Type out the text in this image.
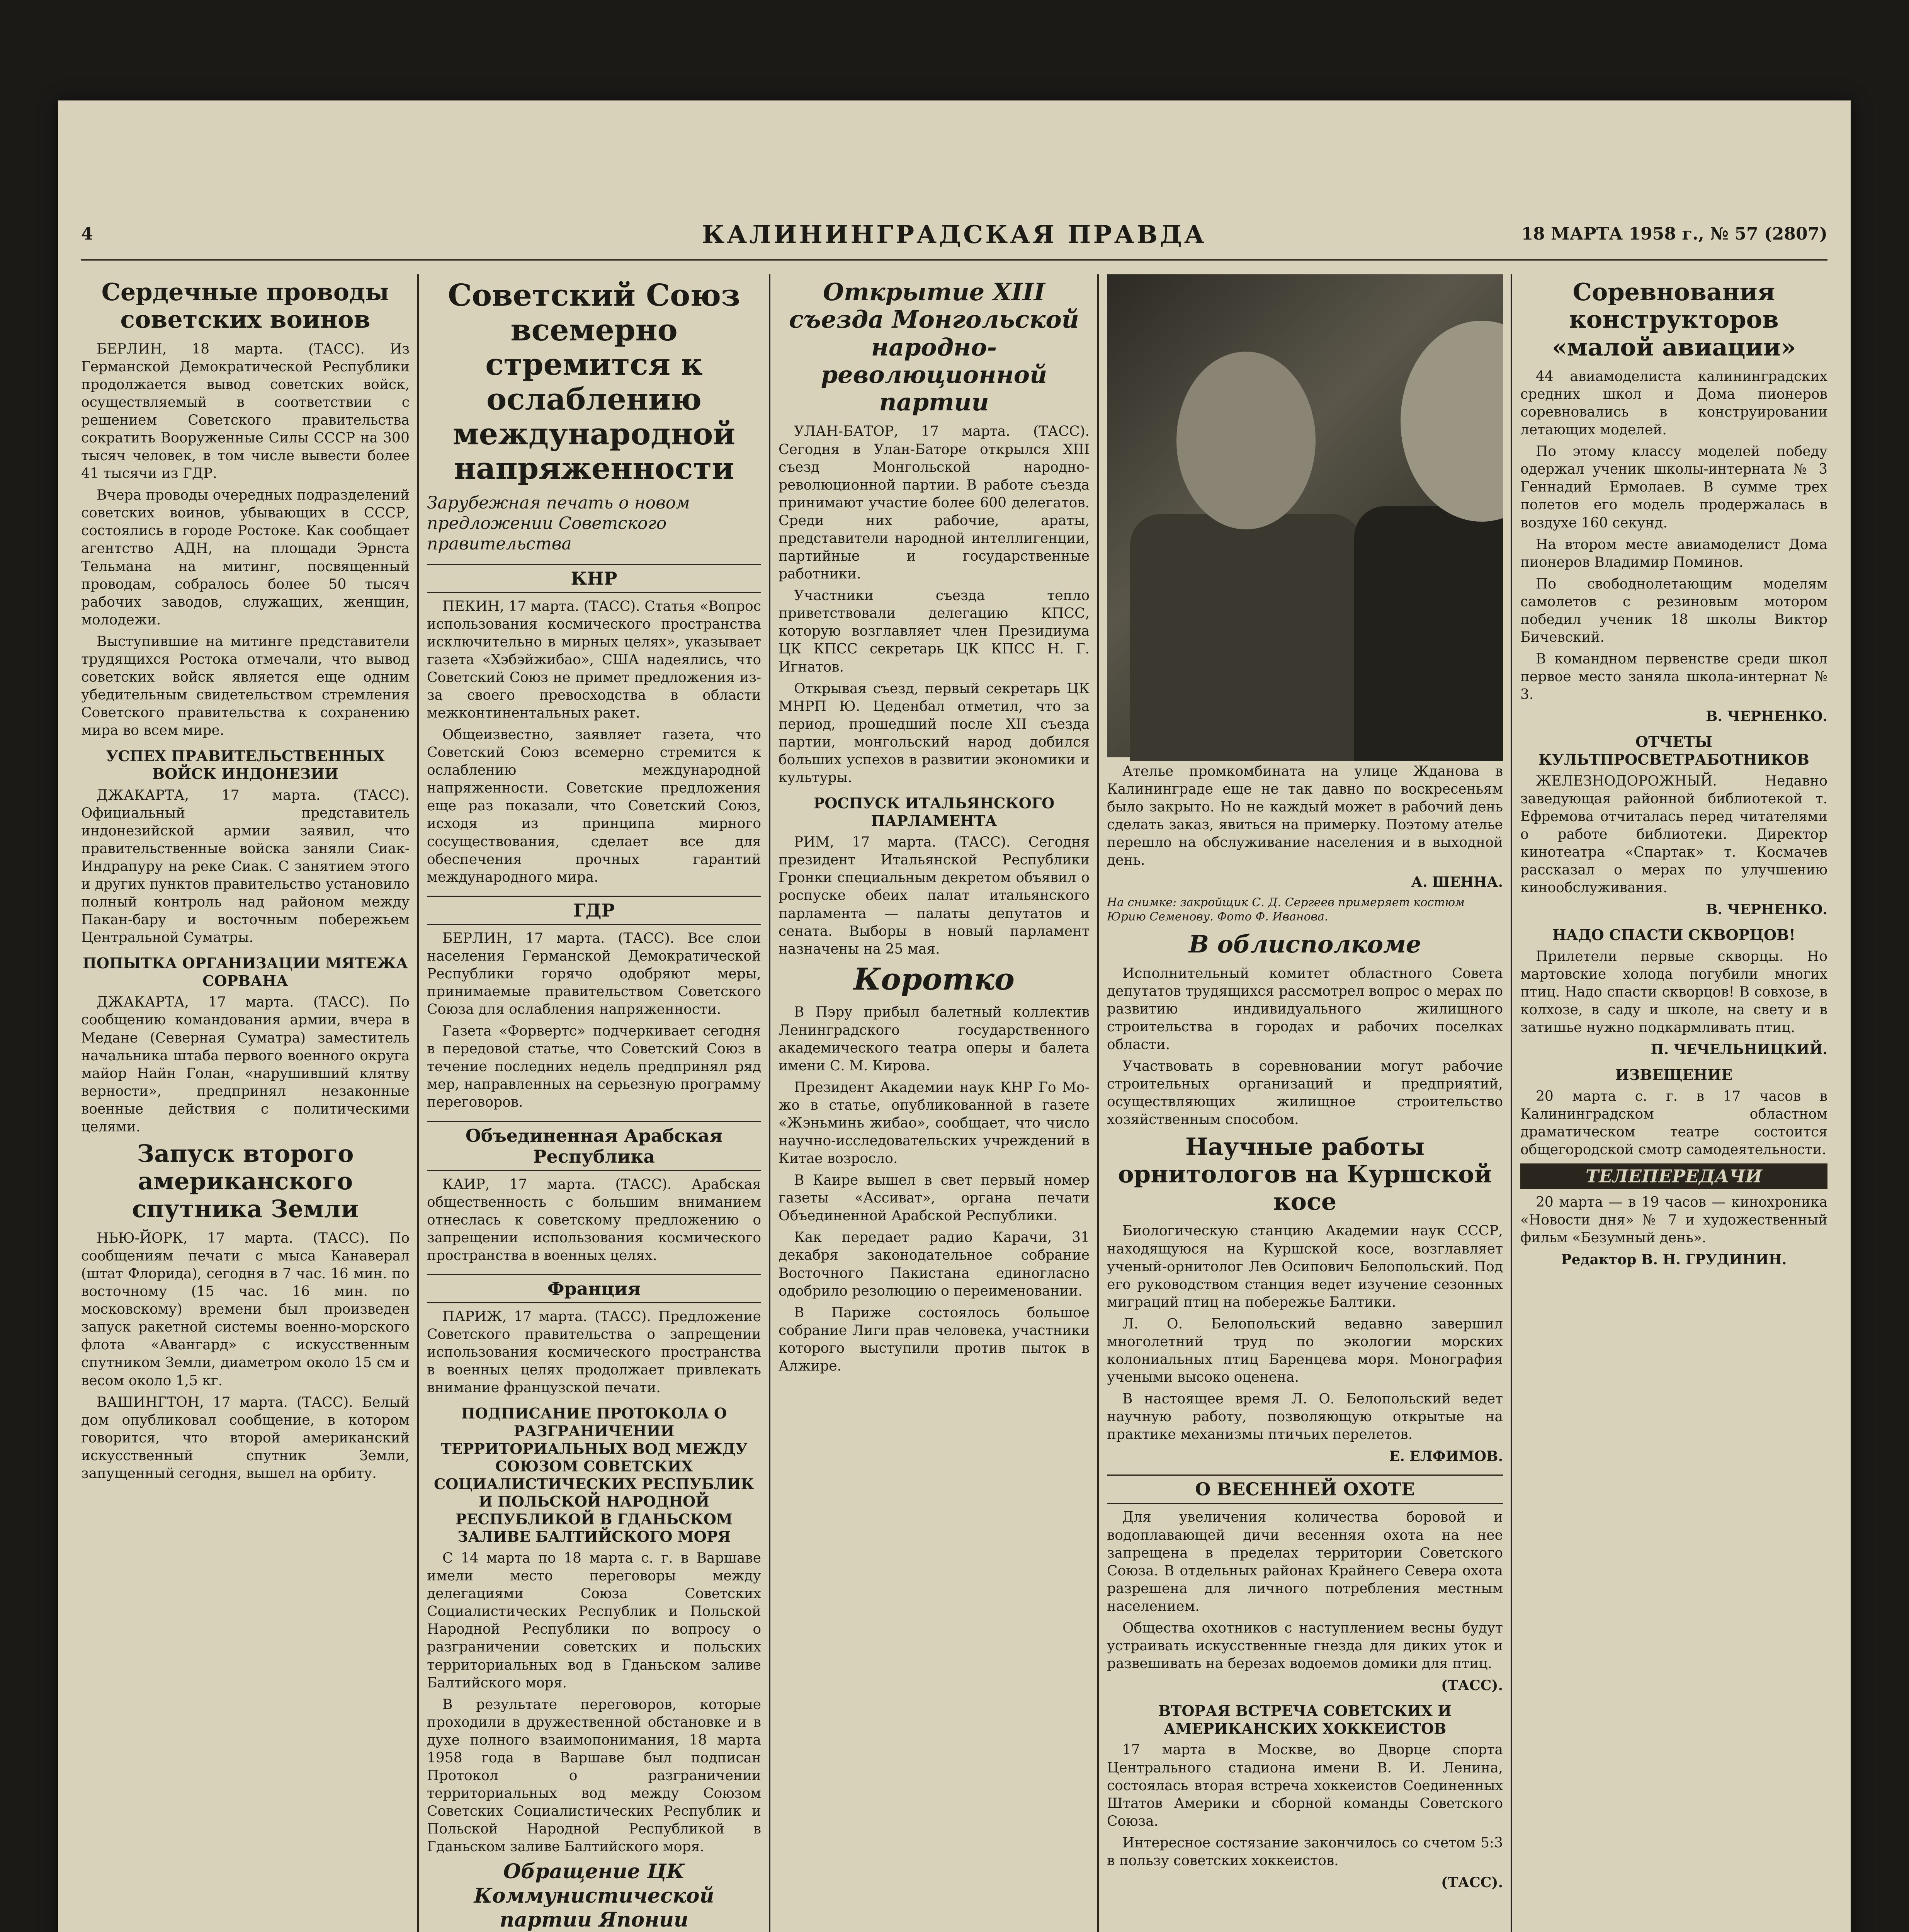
4	КАЛИНИНГРАДСКАЯ ПРАВДА	18 МАРТА 1958 г., № 57 (2807)
Сердечные проводы советских воинов

БЕРЛИН, 18 марта. (ТАСС). Из Германской Демократической Республики продолжается вывод советских войск, осуществляемый в соответствии с решением Советского правительства сократить Вооруженные Силы СССР на 300 тысяч человек, в том числе вывести более 41 тысячи из ГДР.

Вчера проводы очередных подразделений советских воинов, убывающих в СССР, состоялись в городе Ростоке. Как сообщает агентство АДН, на площади Эрнста Тельмана на митинг, посвященный проводам, собралось более 50 тысяч рабочих заводов, служащих, женщин, молодежи.

Выступившие на митинге представители трудящихся Ростока отмечали, что вывод советских войск является еще одним убедительным свидетельством стремления Советского правительства к сохранению мира во всем мире.

УСПЕХ ПРАВИТЕЛЬСТВЕННЫХ ВОЙСК ИНДОНЕЗИИ

ДЖАКАРТА, 17 марта. (ТАСС). Официальный представитель индонезийской армии заявил, что правительственные войска заняли Сиак-Индрапуру на реке Сиак. С занятием этого и других пунктов правительство установило полный контроль над районом между Пакан-бару и восточным побережьем Центральной Суматры.

ПОПЫТКА ОРГАНИЗАЦИИ МЯТЕЖА СОРВАНА

ДЖАКАРТА, 17 марта. (ТАСС). По сообщению командования армии, вчера в Медане (Северная Суматра) заместитель начальника штаба первого военного округа майор Найн Голан, «нарушивший клятву верности», предпринял незаконные военные действия с политическими целями.

Запуск второго американского спутника Земли

НЬЮ-ЙОРК, 17 марта. (ТАСС). По сообщениям печати с мыса Канаверал (штат Флорида), сегодня в 7 час. 16 мин. по восточному (15 час. 16 мин. по московскому) времени был произведен запуск ракетной системы военно-морского флота «Авангард» с искусственным спутником Земли, диаметром около 15 см и весом около 1,5 кг.

ВАШИНГТОН, 17 марта. (ТАСС). Белый дом опубликовал сообщение, в котором говорится, что второй американский искусственный спутник Земли, запущенный сегодня, вышел на орбиту.

Советский Союз всемерно стремится к ослаблению международной напряженности
Зарубежная печать о новом предложении Советского правительства
КНР

ПЕКИН, 17 марта. (ТАСС). Статья «Вопрос использования космического пространства исключительно в мирных целях», указывает газета «Хэбэйжибао», США надеялись, что Советский Союз не примет предложения из-за своего превосходства в области межконтинентальных ракет.

Общеизвестно, заявляет газета, что Советский Союз всемерно стремится к ослаблению международной напряженности. Советские предложения еще раз показали, что Советский Союз, исходя из принципа мирного сосуществования, сделает все для обеспечения прочных гарантий международного мира.

ГДР

БЕРЛИН, 17 марта. (ТАСС). Все слои населения Германской Демократической Республики горячо одобряют меры, принимаемые правительством Советского Союза для ослабления напряженности.

Газета «Форвертс» подчеркивает сегодня в передовой статье, что Советский Союз в течение последних недель предпринял ряд мер, направленных на серьезную программу переговоров.

Объединенная Арабская Республика

КАИР, 17 марта. (ТАСС). Арабская общественность с большим вниманием отнеслась к советскому предложению о запрещении использования космического пространства в военных целях.

Франция

ПАРИЖ, 17 марта. (ТАСС). Предложение Советского правительства о запрещении использования космического пространства в военных целях продолжает привлекать внимание французской печати.

ПОДПИСАНИЕ ПРОТОКОЛА О РАЗГРАНИЧЕНИИ ТЕРРИТОРИАЛЬНЫХ ВОД МЕЖДУ СОЮЗОМ СОВЕТСКИХ СОЦИАЛИСТИЧЕСКИХ РЕСПУБЛИК И ПОЛЬСКОЙ НАРОДНОЙ РЕСПУБЛИКОЙ В ГДАНЬСКОМ ЗАЛИВЕ БАЛТИЙСКОГО МОРЯ

С 14 марта по 18 марта с. г. в Варшаве имели место переговоры между делегациями Союза Советских Социалистических Республик и Польской Народной Республики по вопросу о разграничении советских и польских территориальных вод в Гданьском заливе Балтийского моря.

В результате переговоров, которые проходили в дружественной обстановке и в духе полного взаимопонимания, 18 марта 1958 года в Варшаве был подписан Протокол о разграничении территориальных вод между Союзом Советских Социалистических Республик и Польской Народной Республикой в Гданьском заливе Балтийского моря.

Обращение ЦК Коммунистической партии Японии

Открытие XIII съезда Монгольской народно-революционной партии

УЛАН-БАТОР, 17 марта. (ТАСС). Сегодня в Улан-Баторе открылся XIII съезд Монгольской народно-революционной партии. В работе съезда принимают участие более 600 делегатов. Среди них рабочие, араты, представители народной интеллигенции, партийные и государственные работники.

Участники съезда тепло приветствовали делегацию КПСС, которую возглавляет член Президиума ЦК КПСС секретарь ЦК КПСС Н. Г. Игнатов.

Открывая съезд, первый секретарь ЦК МНРП Ю. Цеденбал отметил, что за период, прошедший после XII съезда партии, монгольский народ добился больших успехов в развитии экономики и культуры.

РОСПУСК ИТАЛЬЯНСКОГО ПАРЛАМЕНТА

РИМ, 17 марта. (ТАСС). Сегодня президент Итальянской Республики Гронки специальным декретом объявил о роспуске обеих палат итальянского парламента — палаты депутатов и сената. Выборы в новый парламент назначены на 25 мая.

Коротко

В Пэру прибыл балетный коллектив Ленинградского государственного академического театра оперы и балета имени С. М. Кирова.

Президент Академии наук КНР Го Мо-жо в статье, опубликованной в газете «Жэньминь жибао», сообщает, что число научно-исследовательских учреждений в Китае возросло.

В Каире вышел в свет первый номер газеты «Ассиват», органа печати Объединенной Арабской Республики.

Как передает радио Карачи, 31 декабря законодательное собрание Восточного Пакистана единогласно одобрило резолюцию о переименовании.

В Париже состоялось большое собрание Лиги прав человека, участники которого выступили против пыток в Алжире.

Ателье промкомбината на улице Жданова в Калининграде еще не так давно по воскресеньям было закрыто. Но не каждый может в рабочий день сделать заказ, явиться на примерку. Поэтому ателье перешло на обслуживание населения и в выходной день.

А. ШЕННА.

На снимке: закройщик С. Д. Сергеев примеряет костюм Юрию Семенову. Фото Ф. Иванова.
В облисполкоме

Исполнительный комитет областного Совета депутатов трудящихся рассмотрел вопрос о мерах по развитию индивидуального жилищного строительства в городах и рабочих поселках области.

Участвовать в соревновании могут рабочие строительных организаций и предприятий, осуществляющих жилищное строительство хозяйственным способом.

Научные работы орнитологов на Куршской косе

Биологическую станцию Академии наук СССР, находящуюся на Куршской косе, возглавляет ученый-орнитолог Лев Осипович Белопольский. Под его руководством станция ведет изучение сезонных миграций птиц на побережье Балтики.

Л. О. Белопольский ведавно завершил многолетний труд по экологии морских колониальных птиц Баренцева моря. Монография учеными высоко оценена.

В настоящее время Л. О. Белопольский ведет научную работу, позволяющую открытые на практике механизмы птичьих перелетов.

Е. ЕЛФИМОВ.

О ВЕСЕННЕЙ ОХОТЕ

Для увеличения количества боровой и водоплавающей дичи весенняя охота на нее запрещена в пределах территории Советского Союза. В отдельных районах Крайнего Севера охота разрешена для личного потребления местным населением.

Общества охотников с наступлением весны будут устраивать искусственные гнезда для диких уток и развешивать на березах водоемов домики для птиц.

(ТАСС).

ВТОРАЯ ВСТРЕЧА СОВЕТСКИХ И АМЕРИКАНСКИХ ХОККЕИСТОВ

17 марта в Москве, во Дворце спорта Центрального стадиона имени В. И. Ленина, состоялась вторая встреча хоккеистов Соединенных Штатов Америки и сборной команды Советского Союза.

Интересное состязание закончилось со счетом 5:3 в пользу советских хоккеистов.

(ТАСС).

Соревнования конструкторов «малой авиации»

44 авиамоделиста калининградских средних школ и Дома пионеров соревновались в конструировании летающих моделей.

По этому классу моделей победу одержал ученик школы-интерната № 3 Геннадий Ермолаев. В сумме трех полетов его модель продержалась в воздухе 160 секунд.

На втором месте авиамоделист Дома пионеров Владимир Поминов.

По свободнолетающим моделям самолетов с резиновым мотором победил ученик 18 школы Виктор Бичевский.

В командном первенстве среди школ первое место заняла школа-интернат № 3.

В. ЧЕРНЕНКО.

ОТЧЕТЫ КУЛЬТПРОСВЕТРАБОТНИКОВ

ЖЕЛЕЗНОДОРОЖНЫЙ. Недавно заведующая районной библиотекой т. Ефремова отчиталась перед читателями о работе библиотеки. Директор кинотеатра «Спартак» т. Космачев рассказал о мерах по улучшению кинообслуживания.

В. ЧЕРНЕНКО.

НАДО СПАСТИ СКВОРЦОВ!

Прилетели первые скворцы. Но мартовские холода погубили многих птиц. Надо спасти скворцов! В совхозе, в колхозе, в саду и школе, на свету и в затишье нужно подкармливать птиц.

П. ЧЕЧЕЛЬНИЦКИЙ.

ИЗВЕЩЕНИЕ

20 марта с. г. в 17 часов в Калининградском областном драматическом театре состоится общегородской смотр самодеятельности.

ТЕЛЕПЕРЕДАЧИ

20 марта — в 19 часов — кинохроника «Новости дня» № 7 и художественный фильм «Безумный день».

Редактор В. Н. ГРУДИНИН.
